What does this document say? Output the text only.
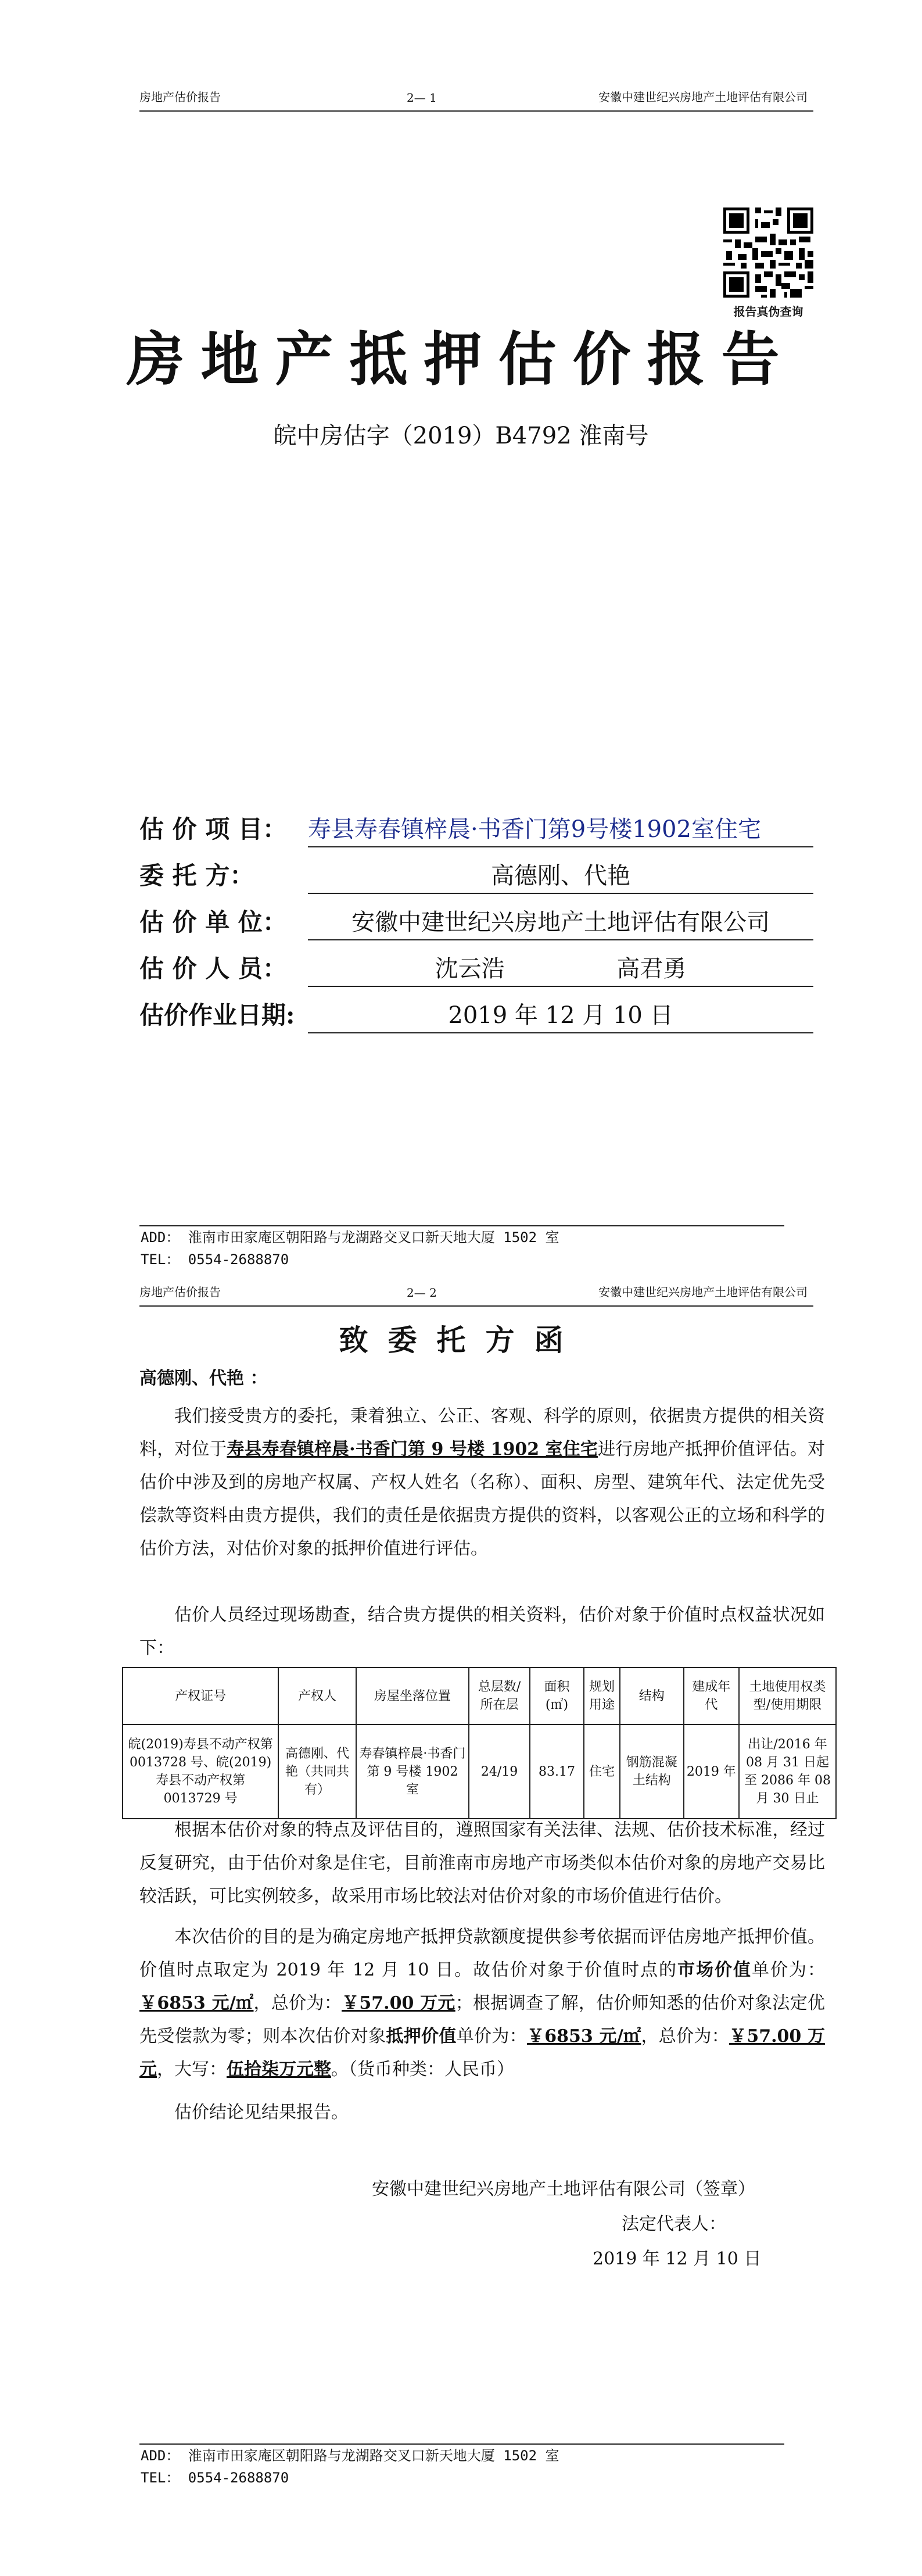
房地产估价报告	2— 1	安徽中建世纪兴房地产土地评估有限公司
报告真伪查询
房地产抵押估价报告
皖中房估字（2019）B4792 淮南号
估 价 项 目： 寿县寿春镇梓晨·书香门第9号楼1902室住宅
委 托 方：	高德刚、代艳
估 价 单 位：	安徽中建世纪兴房地产土地评估有限公司
估 价 人 员：	沈云浩	高君勇
估价作业日期:	2019 年 12 月 10 日
ADD： 淮南市田家庵区朝阳路与龙湖路交叉口新天地大厦 1502 室
TEL： 0554-2688870
房地产估价报告	2— 2	安徽中建世纪兴房地产土地评估有限公司
致委托方函
高德刚、代艳 ：
我们接受贵方的委托，秉着独立、公正、客观、科学的原则，依据贵方提供的相关资料，对位于寿县寿春镇梓晨·书香门第 9 号楼 1902 室住宅进行房地产抵押价值评估。对估价中涉及到的房地产权属、产权人姓名（名称）、面积、房型、建筑年代、法定优先受偿款等资料由贵方提供，我们的责任是依据贵方提供的资料，以客观公正的立场和科学的估价方法，对估价对象的抵押价值进行评估。
估价人员经过现场勘查，结合贵方提供的相关资料，估价对象于价值时点权益状况如下：
产权证号	产权人	房屋坐落位置	总层数/所在层	面积(㎡)	规划用途	结构	建成年代	土地使用权类型/使用期限
皖(2019)寿县不动产权第 0013728 号、皖(2019)寿县不动产权第 0013729 号	高德刚、代艳（共同共有）	寿春镇梓晨·书香门第 9 号楼 1902 室	24/19	83.17	住宅	钢筋混凝土结构	2019 年	出让/2016 年 08 月 31 日起至 2086 年 08 月 30 日止
根据本估价对象的特点及评估目的，遵照国家有关法律、法规、估价技术标准，经过反复研究，由于估价对象是住宅，目前淮南市房地产市场类似本估价对象的房地产交易比较活跃，可比实例较多，故采用市场比较法对估价对象的市场价值进行估价。
本次估价的目的是为确定房地产抵押贷款额度提供参考依据而评估房地产抵押价值。价值时点取定为 2019 年 12 月 10 日。故估价对象于价值时点的市场价值单价为：￥6853 元/㎡，总价为：￥57.00 万元；根据调查了解，估价师知悉的估价对象法定优先受偿款为零；则本次估价对象抵押价值单价为：￥6853 元/㎡，总价为：￥57.00 万元，大写：伍拾柒万元整。（货币种类：人民币）
估价结论见结果报告。
安徽中建世纪兴房地产土地评估有限公司（签章）
法定代表人：
2019 年 12 月 10 日
ADD： 淮南市田家庵区朝阳路与龙湖路交叉口新天地大厦 1502 室
TEL： 0554-2688870
